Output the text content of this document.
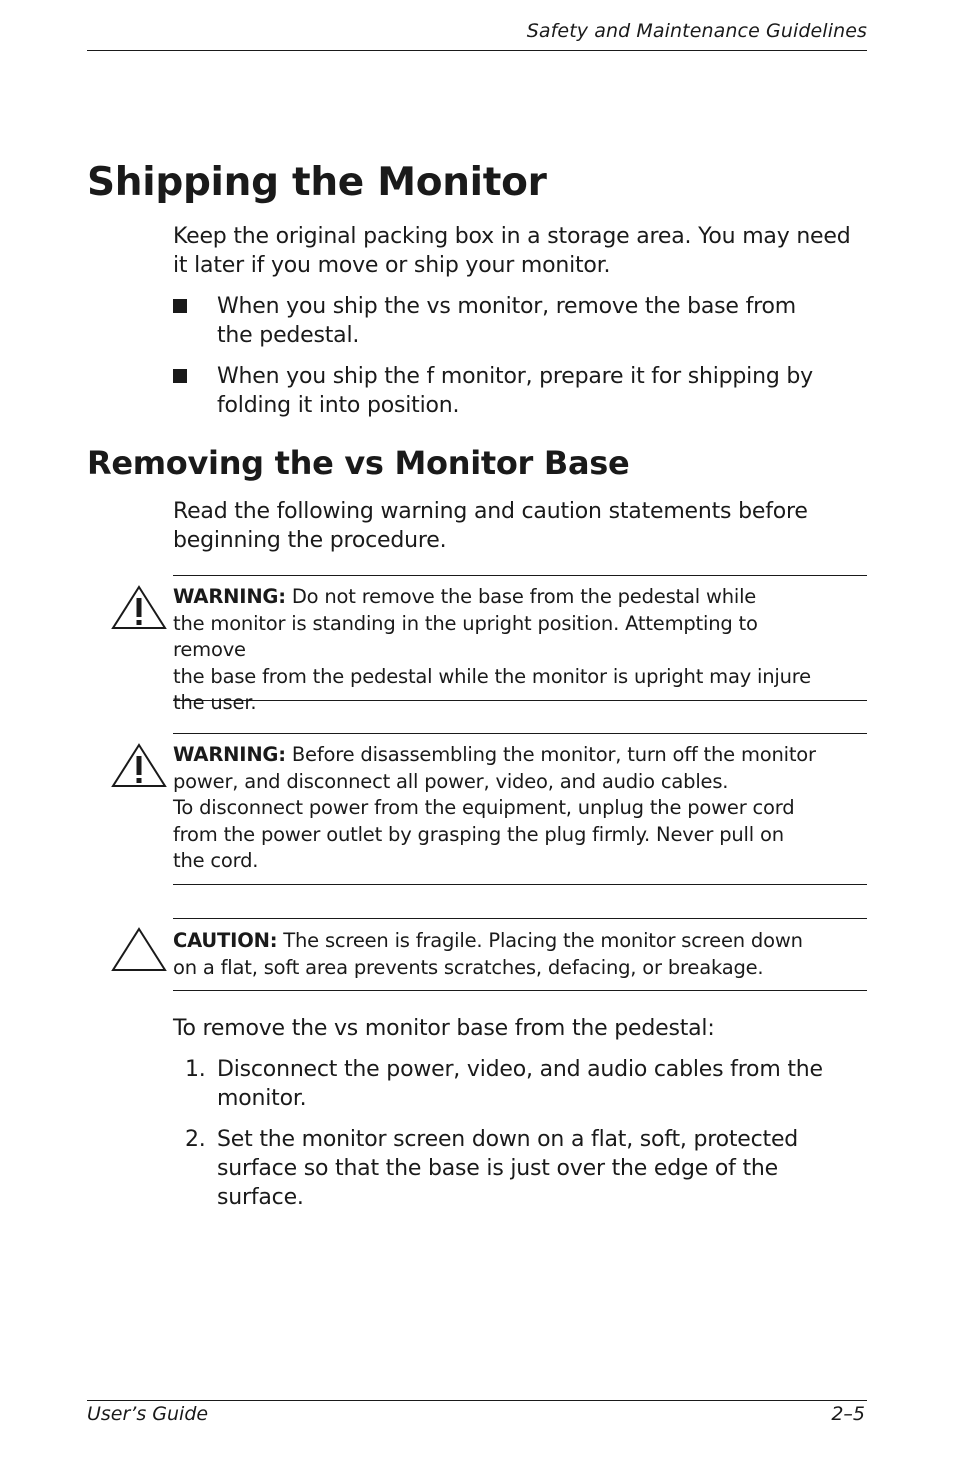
Safety and Maintenance Guidelines
Shipping the Monitor

Keep the original packing box in a storage area. You may need it later if you move or ship your monitor.

When you ship the vs monitor, remove the base from the pedestal.
When you ship the f monitor, prepare it for shipping by folding it into position.
Removing the vs Monitor Base

Read the following warning and caution statements before beginning the procedure.

WARNING: Do not remove the base from the pedestal while
the monitor is standing in the upright position. Attempting to remove
the base from the pedestal while the monitor is upright may injure
the user.
WARNING: Before disassembling the monitor, turn off the monitor
power, and disconnect all power, video, and audio cables.
To disconnect power from the equipment, unplug the power cord
from the power outlet by grasping the plug firmly. Never pull on
the cord.
CAUTION: The screen is fragile. Placing the monitor screen down
on a flat, soft area prevents scratches, defacing, or breakage.

To remove the vs monitor base from the pedestal:

1. Disconnect the power, video, and audio cables from the monitor.
2. Set the monitor screen down on a flat, soft, protected surface so that the base is just over the edge of the surface.
User’s Guide	2–5
